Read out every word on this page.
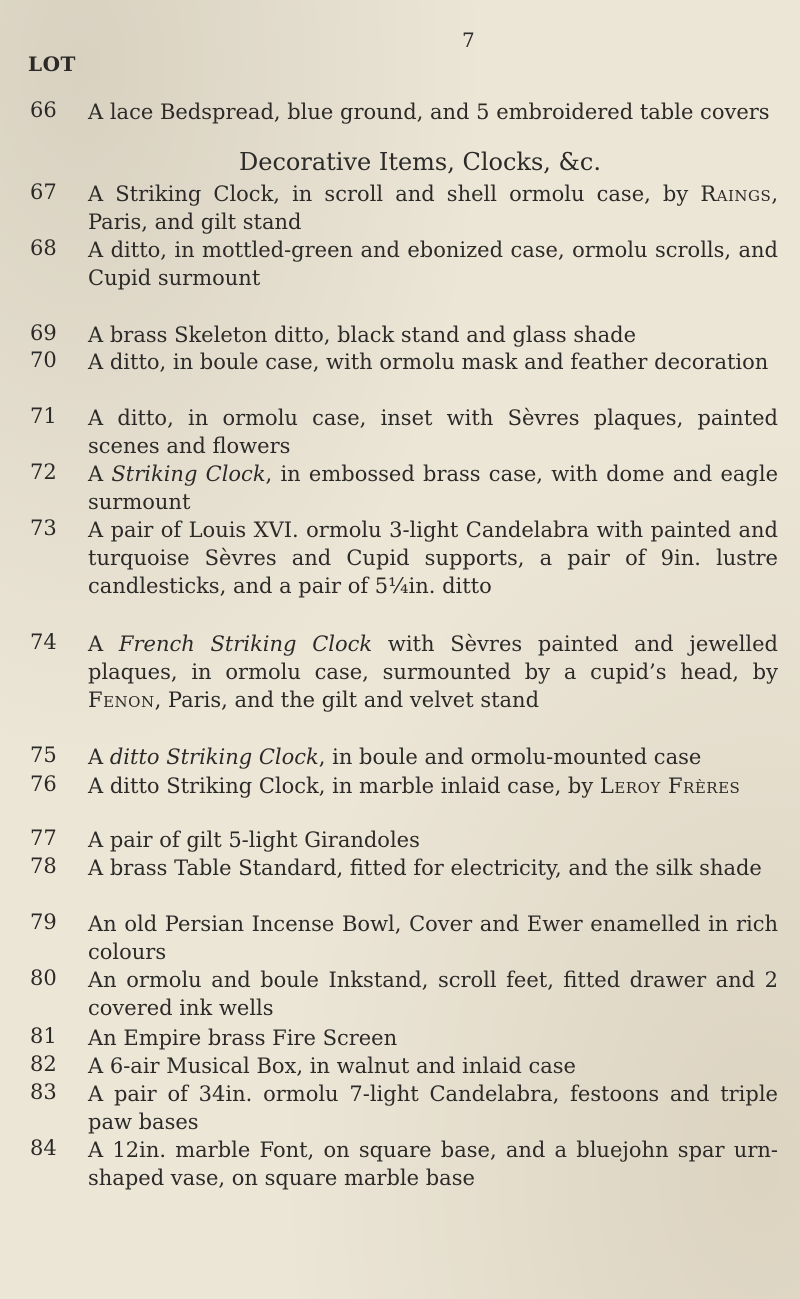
7
LOT
Decorative Items, Clocks, &c.
66	A lace Bedspread, blue ground, and 5 embroidered table covers
67	A Striking Clock, in scroll and shell ormolu case, by Raings, Paris, and gilt stand
68	A ditto, in mottled-green and ebonized case, ormolu scrolls, and Cupid surmount
69	A brass Skeleton ditto, black stand and glass shade
70	A ditto, in boule case, with ormolu mask and feather decoration
71	A ditto, in ormolu case, inset with Sèvres plaques, painted scenes and flowers
72	A Striking Clock, in embossed brass case, with dome and eagle surmount
73	A pair of Louis XVI. ormolu 3-light Candelabra with painted and turquoise Sèvres and Cupid supports, a pair of 9in. lustre candlesticks, and a pair of 5¼in. ditto
74	A French Striking Clock with Sèvres painted and jewelled plaques, in ormolu case, surmounted by a cupid’s head, by Fenon, Paris, and the gilt and velvet stand
75	A ditto Striking Clock, in boule and ormolu-mounted case
76	A ditto Striking Clock, in marble inlaid case, by Leroy Frères
77	A pair of gilt 5-light Girandoles
78	A brass Table Standard, fitted for electricity, and the silk shade
79	An old Persian Incense Bowl, Cover and Ewer enamelled in rich colours
80	An ormolu and boule Inkstand, scroll feet, fitted drawer and 2 covered ink wells
81	An Empire brass Fire Screen
82	A 6-air Musical Box, in walnut and inlaid case
83	A pair of 34in. ormolu 7-light Candelabra, festoons and triple paw bases
84	A 12in. marble Font, on square base, and a bluejohn spar urn-shaped vase, on square marble base
